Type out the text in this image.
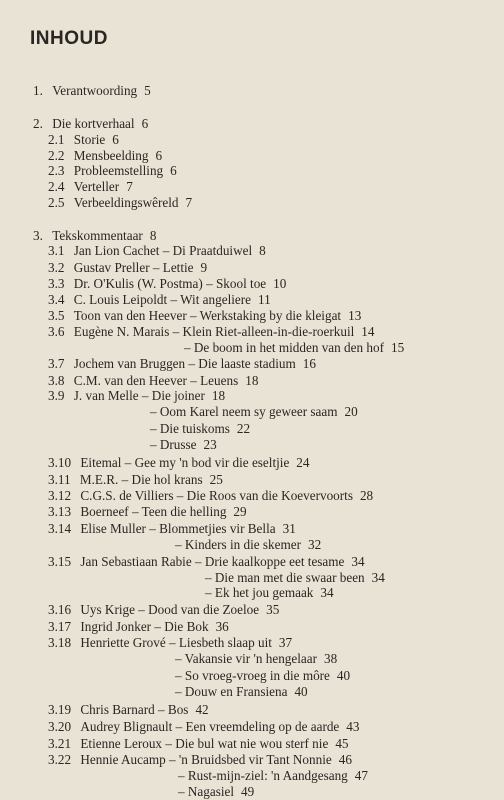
INHOUD
1. Verantwoording 5
2. Die kortverhaal 6
2.1 Storie 6
2.2 Mensbeelding 6
2.3 Probleemstelling 6
2.4 Verteller 7
2.5 Verbeeldingswêreld 7
3. Tekskommentaar 8
3.1 Jan Lion Cachet – Di Praatduiwel 8
3.2 Gustav Preller – Lettie 9
3.3 Dr. O'Kulis (W. Postma) – Skool toe 10
3.4 C. Louis Leipoldt – Wit angeliere 11
3.5 Toon van den Heever – Werkstaking by die kleigat 13
3.6 Eugène N. Marais – Klein Riet-alleen-in-die-roerkuil 14
– De boom in het midden van den hof 15
3.7 Jochem van Bruggen – Die laaste stadium 16
3.8 C.M. van den Heever – Leuens 18
3.9 J. van Melle – Die joiner 18
– Oom Karel neem sy geweer saam 20
– Die tuiskoms 22
– Drusse 23
3.10 Eitemal – Gee my 'n bod vir die eseltjie 24
3.11 M.E.R. – Die hol krans 25
3.12 C.G.S. de Villiers – Die Roos van die Koevervoorts 28
3.13 Boerneef – Teen die helling 29
3.14 Elise Muller – Blommetjies vir Bella 31
– Kinders in die skemer 32
3.15 Jan Sebastiaan Rabie – Drie kaalkoppe eet tesame 34
– Die man met die swaar been 34
– Ek het jou gemaak 34
3.16 Uys Krige – Dood van die Zoeloe 35
3.17 Ingrid Jonker – Die Bok 36
3.18 Henriette Grové – Liesbeth slaap uit 37
– Vakansie vir 'n hengelaar 38
– So vroeg-vroeg in die môre 40
– Douw en Fransiena 40
3.19 Chris Barnard – Bos 42
3.20 Audrey Blignault – Een vreemdeling op de aarde 43
3.21 Etienne Leroux – Die bul wat nie wou sterf nie 45
3.22 Hennie Aucamp – 'n Bruidsbed vir Tant Nonnie 46
– Rust-mijn-ziel: 'n Aandgesang 47
– Nagasiel 49
